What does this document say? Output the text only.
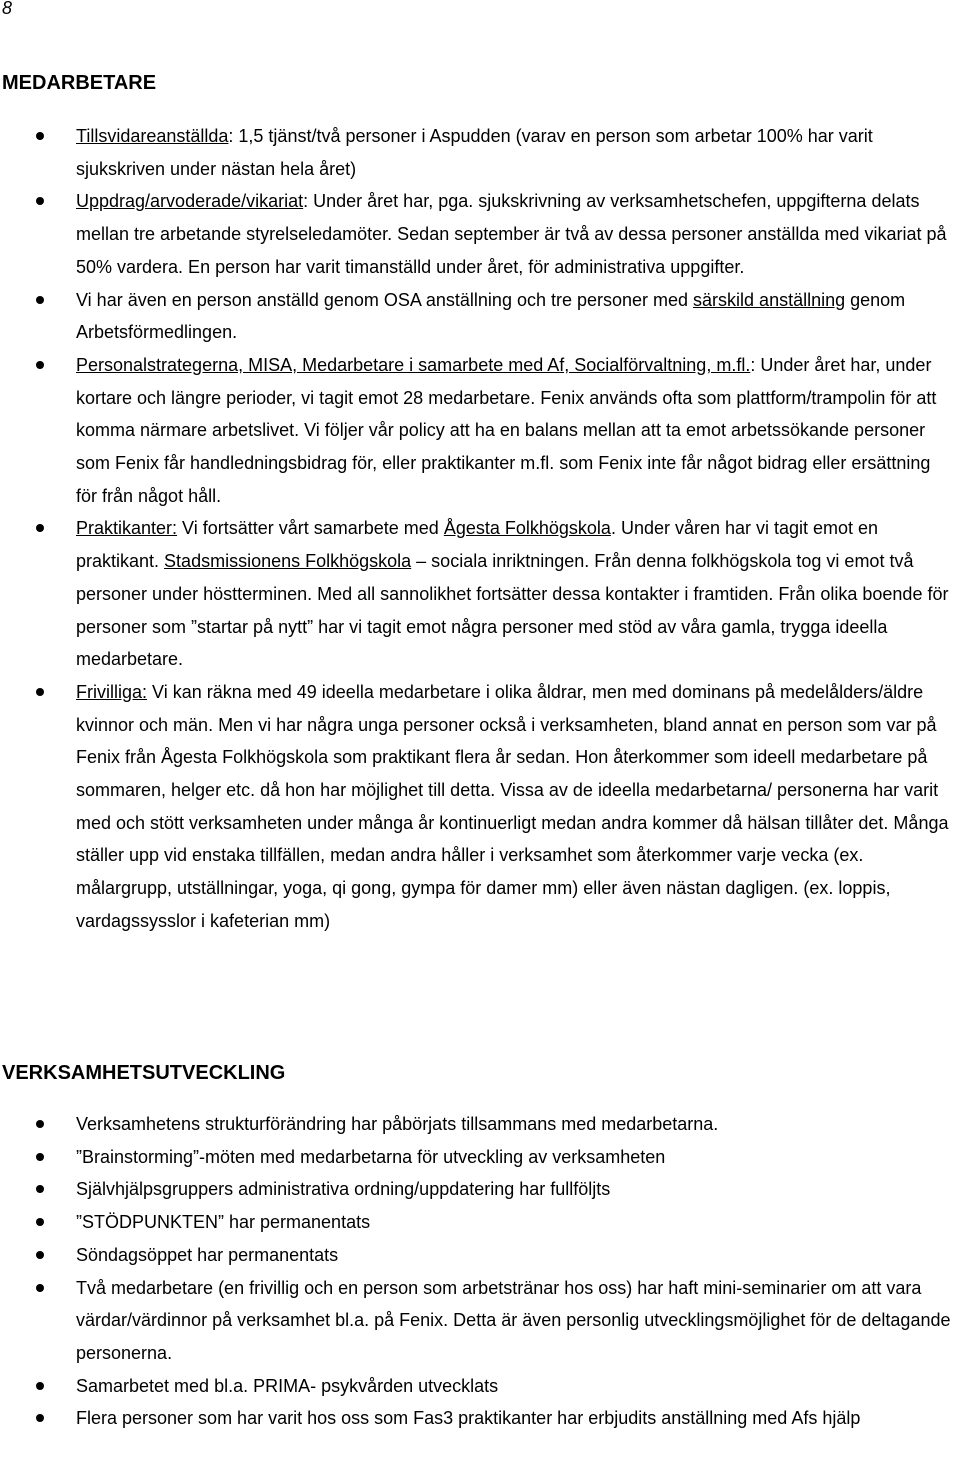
8
MEDARBETARE
Tillsvidareanställda: 1,5 tjänst/två personer i Aspudden (varav en person som arbetar 100% har varit sjukskriven under nästan hela året)
Uppdrag/arvoderade/vikariat: Under året har, pga. sjukskrivning av verksamhetschefen, uppgifterna delats mellan tre arbetande styrelseledamöter. Sedan september är två av dessa personer anställda med vikariat på 50% vardera. En person har varit timanställd under året, för administrativa uppgifter.
Vi har även en person anställd genom OSA anställning och tre personer med särskild anställning genom Arbetsförmedlingen.
Personalstrategerna, MISA, Medarbetare i samarbete med Af, Socialförvaltning, m.fl.: Under året har, under kortare och längre perioder, vi tagit emot 28 medarbetare. Fenix används ofta som plattform/trampolin för att komma närmare arbetslivet. Vi följer vår policy att ha en balans mellan att ta emot arbetssökande personer som Fenix får handledningsbidrag för, eller praktikanter m.fl. som Fenix inte får något bidrag eller ersättning för från något håll.
Praktikanter: Vi fortsätter vårt samarbete med Ågesta Folkhögskola. Under våren har vi tagit emot en praktikant. Stadsmissionens Folkhögskola – sociala inriktningen. Från denna folkhögskola tog vi emot två personer under höstterminen. Med all sannolikhet fortsätter dessa kontakter i framtiden. Från olika boende för personer som ”startar på nytt” har vi tagit emot några personer med stöd av våra gamla, trygga ideella medarbetare.
Frivilliga: Vi kan räkna med 49 ideella medarbetare i olika åldrar, men med dominans på medelålders/äldre kvinnor och män. Men vi har några unga personer också i verksamheten, bland annat en person som var på Fenix från Ågesta Folkhögskola som praktikant flera år sedan. Hon återkommer som ideell medarbetare på sommaren, helger etc. då hon har möjlighet till detta. Vissa av de ideella medarbetarna/ personerna har varit med och stött verksamheten under många år kontinuerligt medan andra kommer då hälsan tillåter det. Många ställer upp vid enstaka tillfällen, medan andra håller i verksamhet som återkommer varje vecka (ex. målargrupp, utställningar, yoga, qi gong, gympa för damer mm) eller även nästan dagligen. (ex. loppis, vardagssysslor i kafeterian mm)
VERKSAMHETSUTVECKLING
Verksamhetens strukturförändring har påbörjats tillsammans med medarbetarna.
”Brainstorming”-möten med medarbetarna för utveckling av verksamheten
Självhjälpsgruppers administrativa ordning/uppdatering har fullföljts
”STÖDPUNKTEN” har permanentats
Söndagsöppet har permanentats
Två medarbetare (en frivillig och en person som arbetstränar hos oss) har haft mini-seminarier om att vara värdar/värdinnor på verksamhet bl.a. på Fenix. Detta är även personlig utvecklingsmöjlighet för de deltagande personerna.
Samarbetet med bl.a. PRIMA- psykvården utvecklats
Flera personer som har varit hos oss som Fas3 praktikanter har erbjudits anställning med Afs hjälp
